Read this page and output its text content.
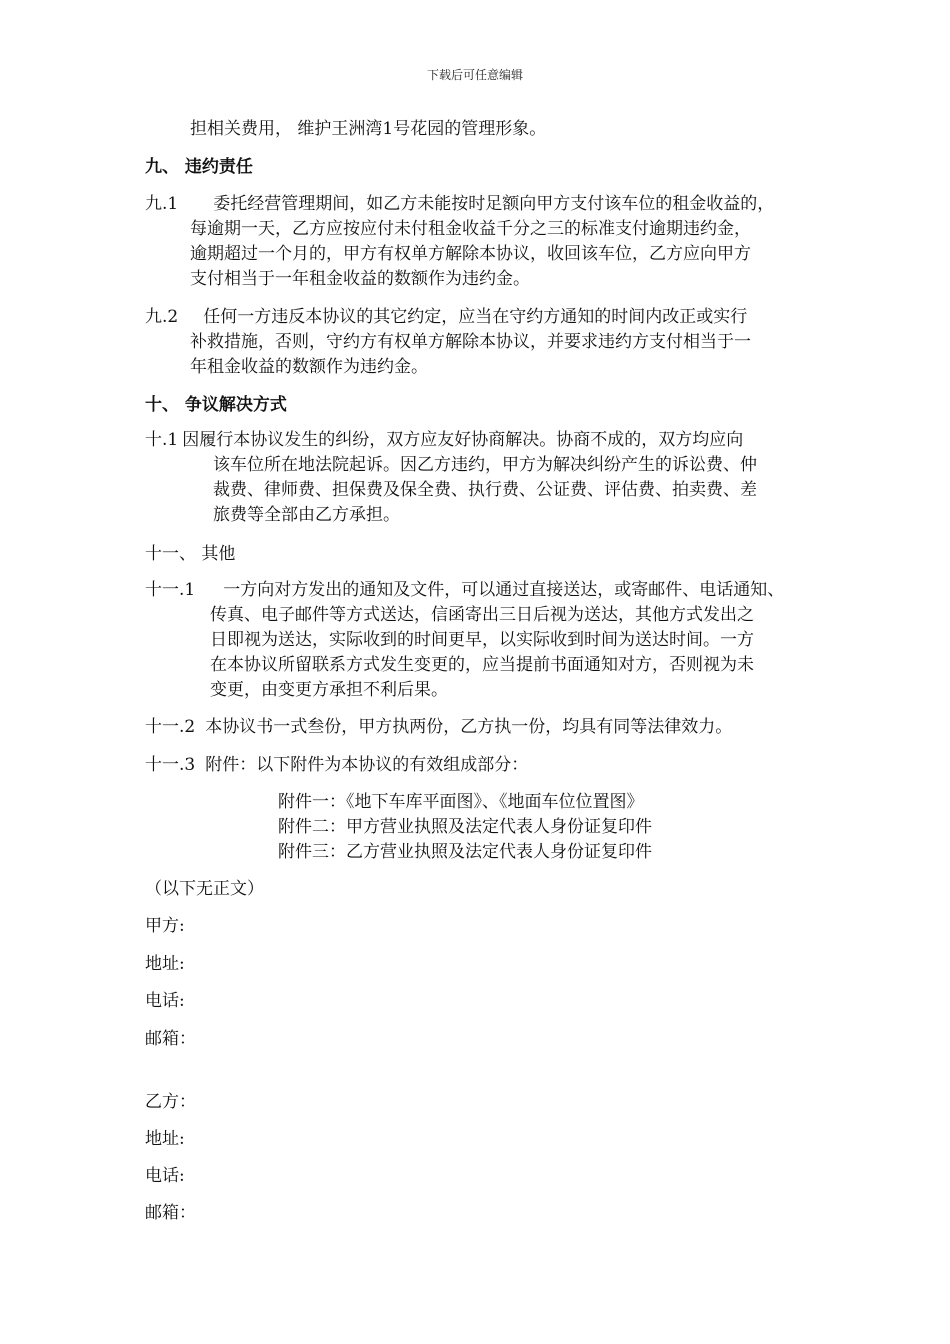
下载后可任意编辑
担相关费用， 维护王洲湾1号花园的管理形象。
九、 违约责任
九.1 委托经营管理期间，如乙方未能按时足额向甲方支付该车位的租金收益的，
每逾期一天，乙方应按应付未付租金收益千分之三的标准支付逾期违约金，
逾期超过一个月的，甲方有权单方解除本协议，收回该车位，乙方应向甲方
支付相当于一年租金收益的数额作为违约金。
九.2 任何一方违反本协议的其它约定，应当在守约方通知的时间内改正或实行
补救措施，否则，守约方有权单方解除本协议，并要求违约方支付相当于一
年租金收益的数额作为违约金。
十、 争议解决方式
十.1 因履行本协议发生的纠纷，双方应友好协商解决。协商不成的，双方均应向
该车位所在地法院起诉。因乙方违约，甲方为解决纠纷产生的诉讼费、仲
裁费、律师费、担保费及保全费、执行费、公证费、评估费、拍卖费、差
旅费等全部由乙方承担。
十一、 其他
十一.1 一方向对方发出的通知及文件，可以通过直接送达，或寄邮件、电话通知、
传真、电子邮件等方式送达，信函寄出三日后视为送达，其他方式发出之
日即视为送达，实际收到的时间更早，以实际收到时间为送达时间。一方
在本协议所留联系方式发生变更的，应当提前书面通知对方，否则视为未
变更，由变更方承担不利后果。
十一.2 本协议书一式叁份，甲方执两份，乙方执一份，均具有同等法律效力。
十一.3 附件：以下附件为本协议的有效组成部分：
附件一：《地下车库平面图》、《地面车位位置图》
附件二：甲方营业执照及法定代表人身份证复印件
附件三：乙方营业执照及法定代表人身份证复印件
（以下无正文）
甲方:
地址:
电话:
邮箱：
乙方：
地址:
电话:
邮箱：
